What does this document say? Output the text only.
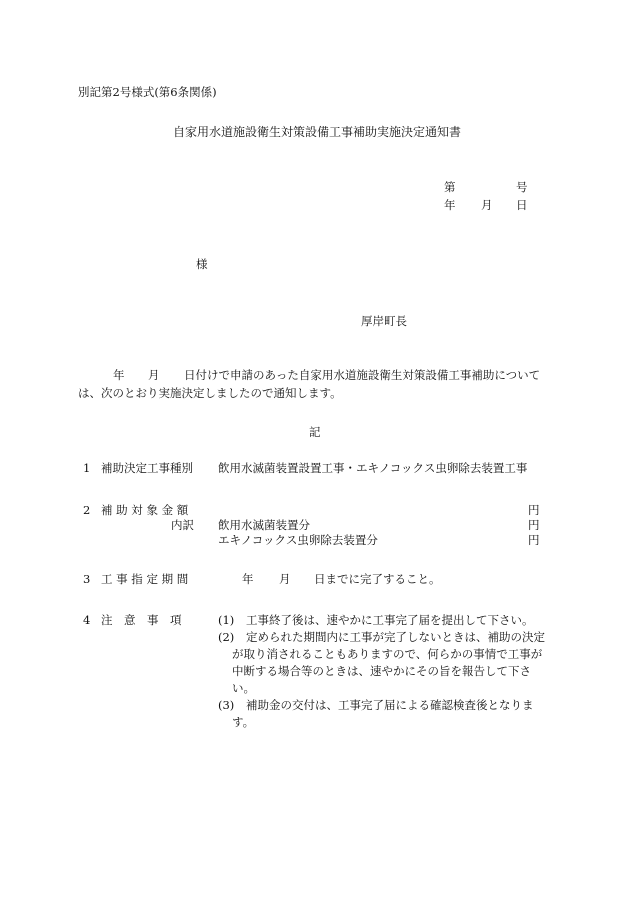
別記第2号様式(第6条関係)
自家用水道施設衛生対策設備工事補助実施決定通知書
第	号
年 月 日
様
厚岸町長
年 月 日付けで申請のあった自家用水道施設衛生対策設備工事補助について
は、次のとおり実施決定しましたので通知します。
記
1 補助決定工事種別 飲用水滅菌装置設置工事・エキノコックス虫卵除去装置工事
2 補 助 対 象 金 額	円
内訳 飲用水滅菌装置分	円
エキノコックス虫卵除去装置分	円
3 工 事 指 定 期 間	年 月 日までに完了すること。
4 注　意　事　項	(1)	工事終了後は、速やかに工事完了届を提出して下さい。
(2)	定められた期間内に工事が完了しないときは、補助の決定が取り消されることもありますので、何らかの事情で工事が中断する場合等のときは、速やかにその旨を報告して下さい。
(3)	補助金の交付は、工事完了届による確認検査後となります。
